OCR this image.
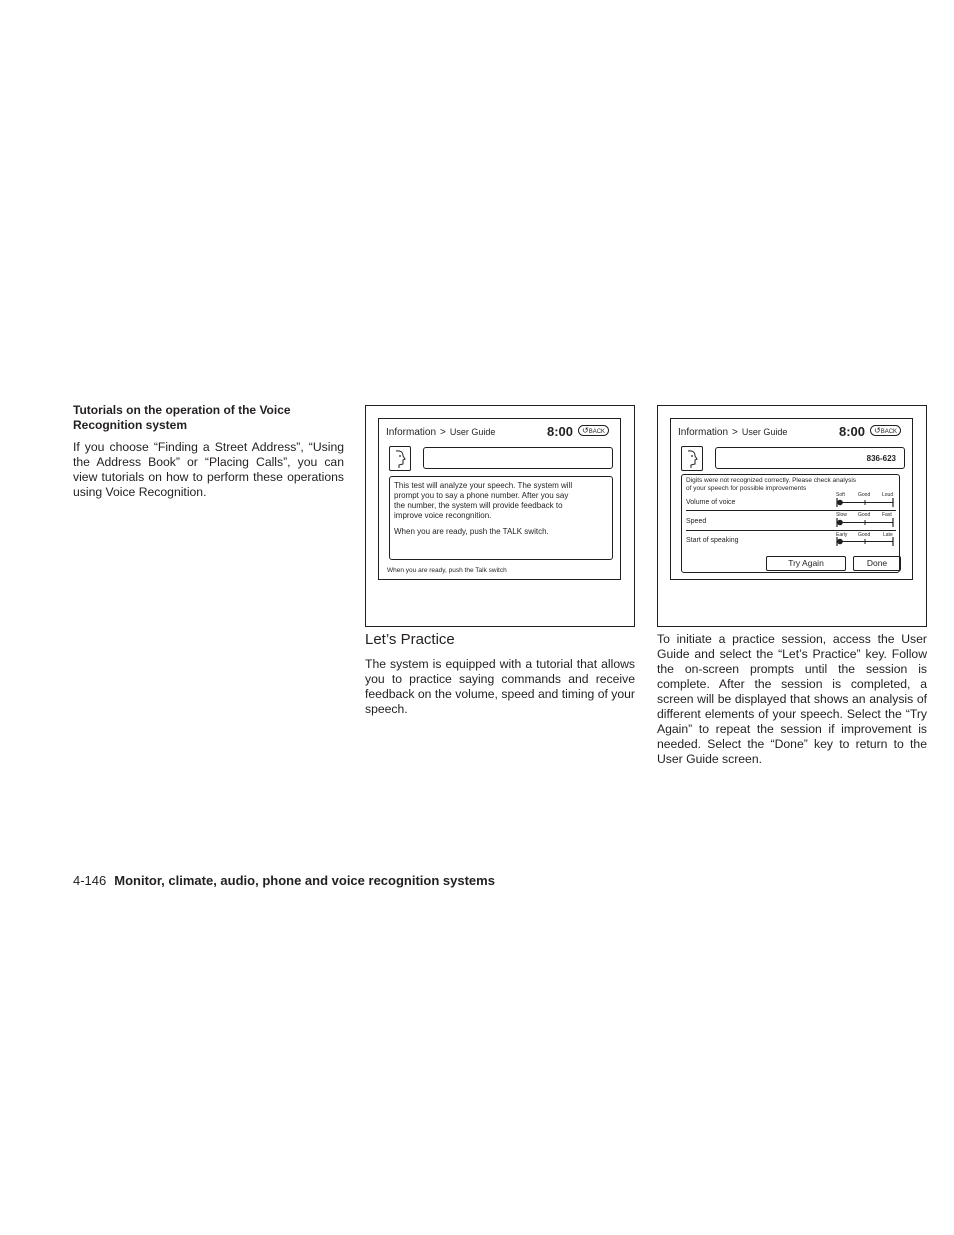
Tutorials on the operation of the Voice Recognition system
If you choose “Finding a Street Address”, “Using the Address Book” or “Placing Calls”, you can view tutorials on how to perform these operations using Voice Recognition.
Information > User Guide	8:00	↺BACK
This test will analyze your speech. The system will
prompt you to say a phone number. After you say
the number, the system will provide feedback to
improve voice recongnition.
When you are ready, push the TALK switch.
When you are ready, push the Talk switch
Information > User Guide	8:00	↺BACK
836-623
Digits were not recognized correctly. Please check analysis
of your speech for possible improvements
Volume of voice
Soft	Good Loud
Speed
Slow Good Fast
Start of speaking
Early Good	Late
Try Again	Done
Let’s Practice
The system is equipped with a tutorial that allows you to practice saying commands and receive feedback on the volume, speed and timing of your speech.
To initiate a practice session, access the User Guide and select the “Let’s Practice” key. Follow the on-screen prompts until the session is complete. After the session is completed, a screen will be displayed that shows an analysis of different elements of your speech. Select the “Try Again” to repeat the session if improvement is needed. Select the “Done” key to return to the User Guide screen.
4-146 Monitor, climate, audio, phone and voice recognition systems
